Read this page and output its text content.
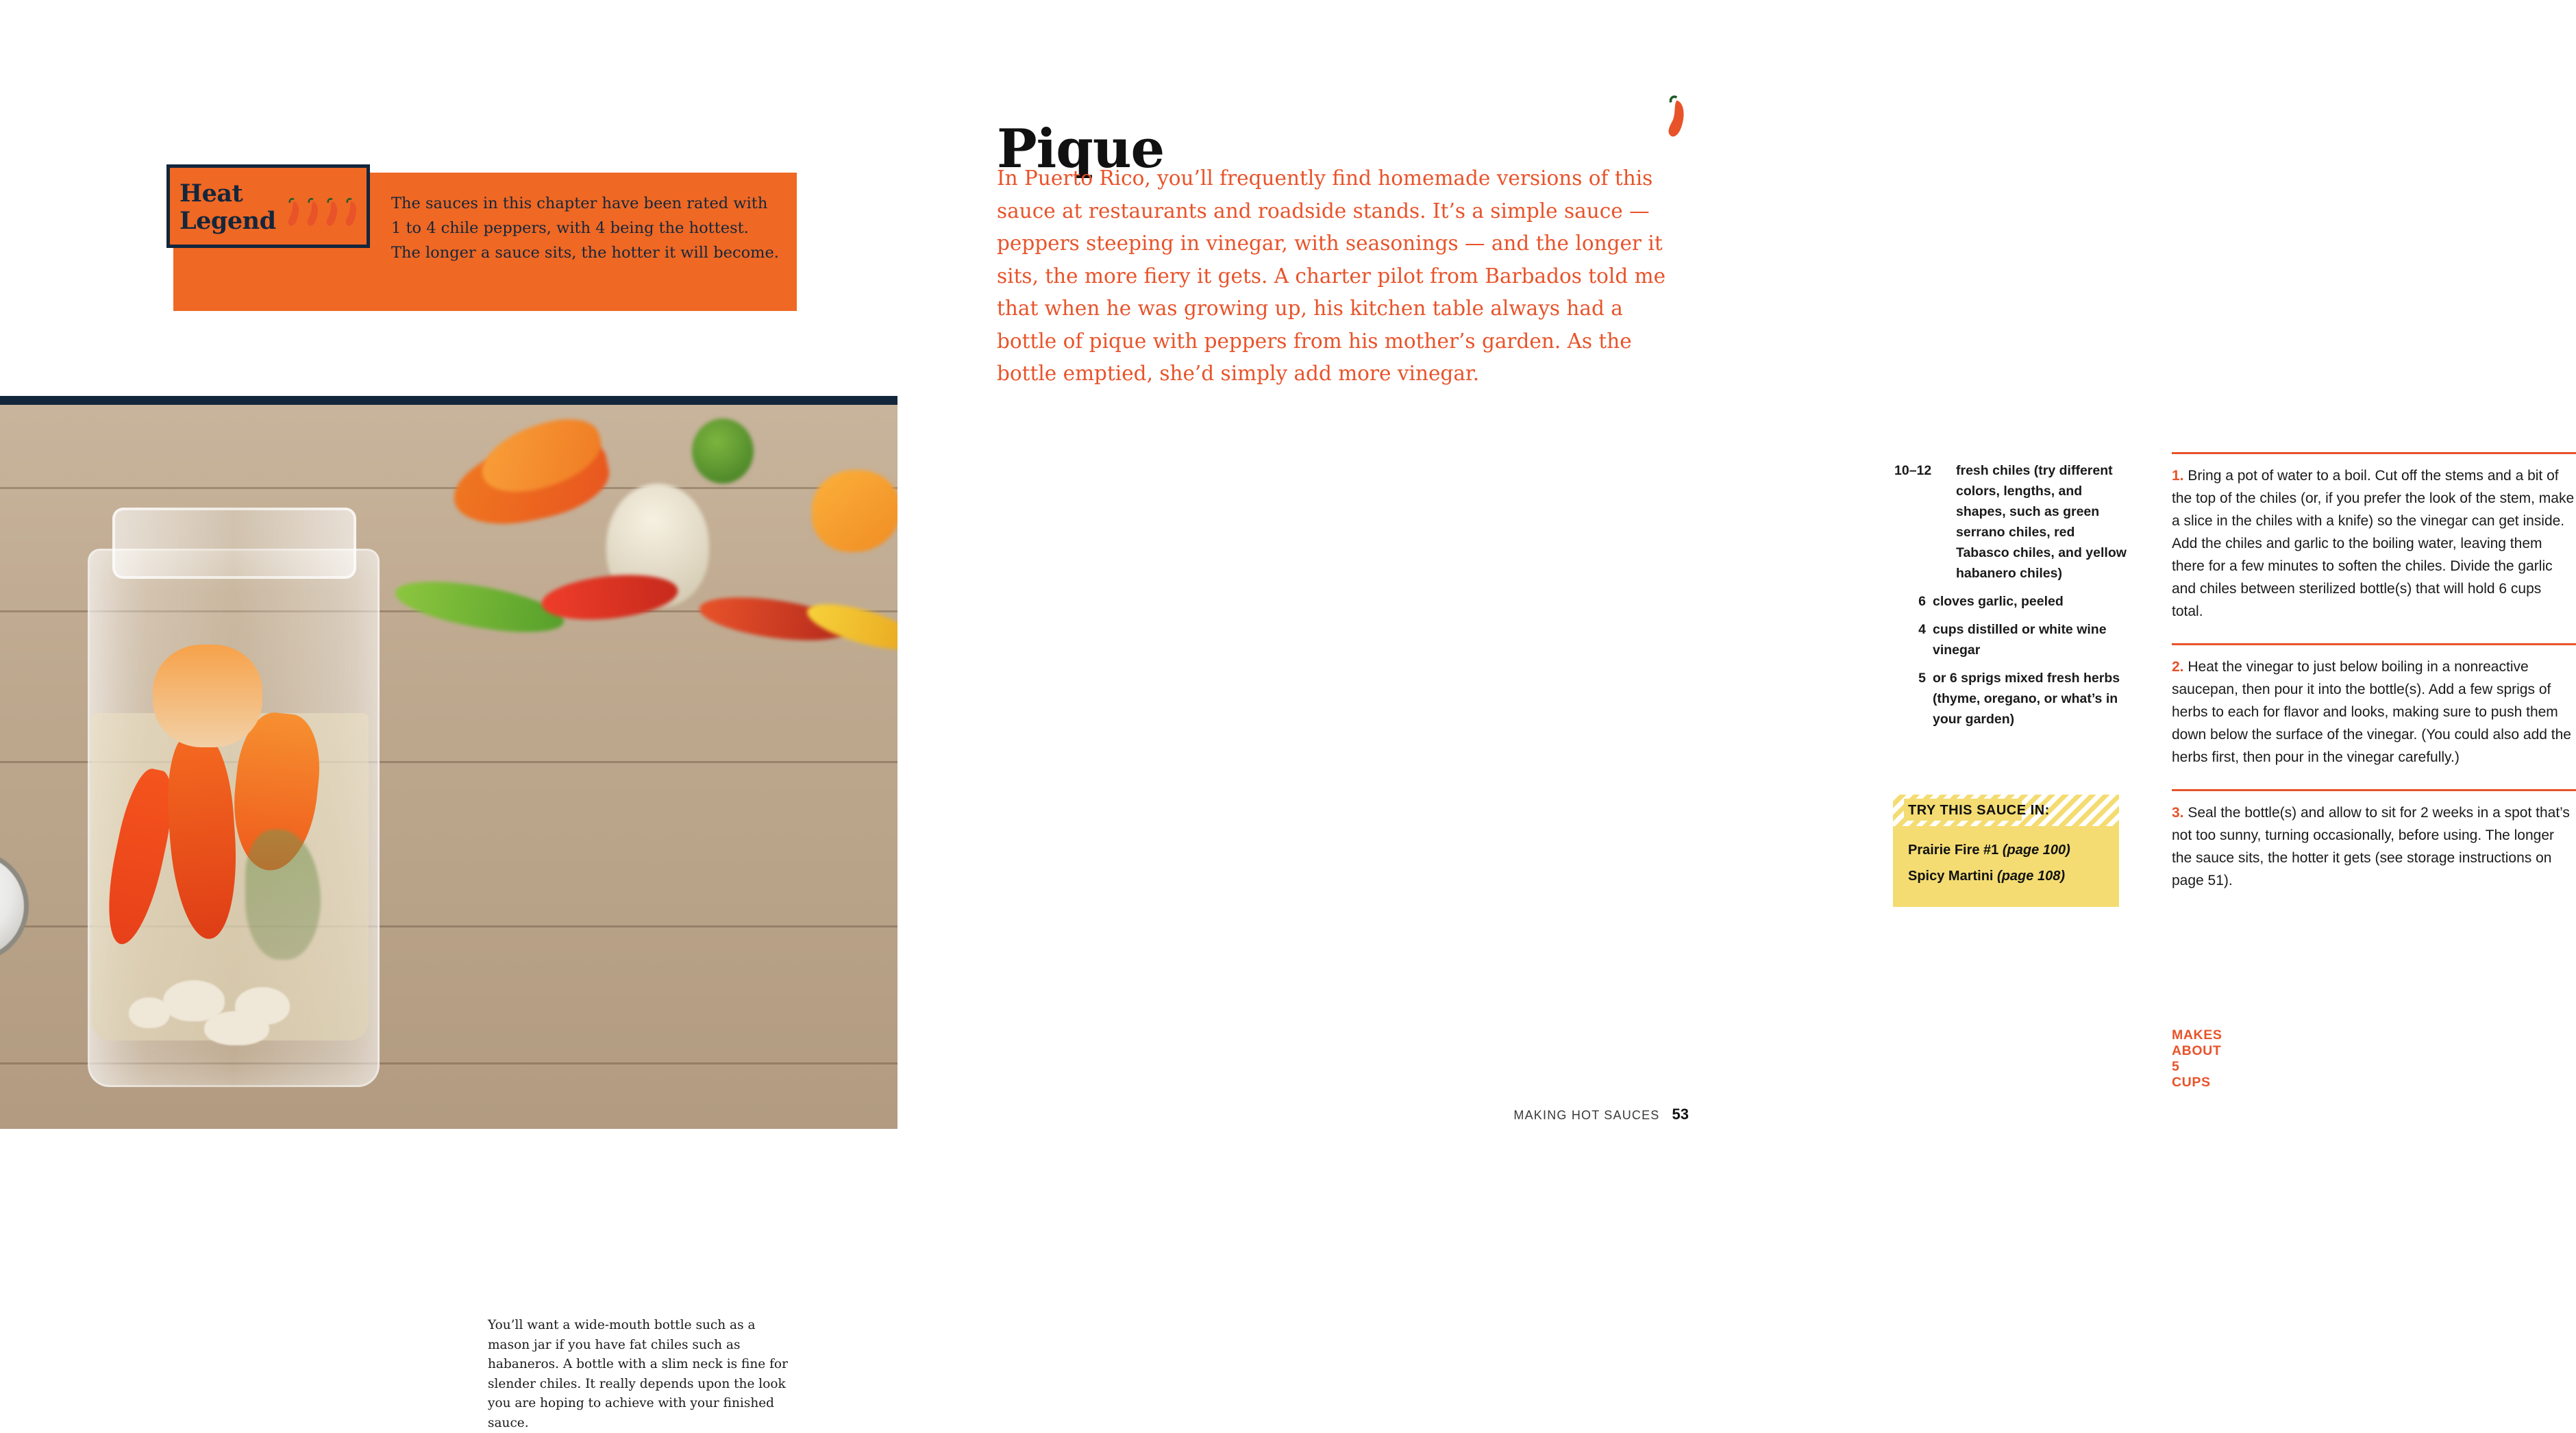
Heat
Legend
The sauces in this chapter have been rated with 1 to 4 chile peppers, with 4 being the hottest. The longer a sauce sits, the hotter it will become.
You’ll want a wide-mouth bottle such as a mason jar if you have fat chiles such as habaneros. A bottle with a slim neck is fine for slender chiles. It really depends upon the look you are hoping to achieve with your finished sauce.
Pique
In Puerto Rico, you’ll frequently find homemade versions of this sauce at restaurants and roadside stands. It’s a simple sauce — peppers steeping in vinegar, with seasonings — and the longer it sits, the more fiery it gets. A charter pilot from Barbados told me that when he was growing up, his kitchen table always had a bottle of pique with peppers from his mother’s garden. As the bottle emptied, she’d simply add more vinegar.
10–12	fresh chiles (try different colors, lengths, and shapes, such as green serrano chiles, red Tabasco chiles, and yellow habanero chiles)
6 cloves garlic, peeled
4 cups distilled or white wine vinegar
5 or 6 sprigs mixed fresh herbs (thyme, oregano, or what’s in your garden)
TRY THIS SAUCE IN:
Prairie Fire #1 (page 100)
Spicy Martini (page 108)
1. Bring a pot of water to a boil. Cut off the stems and a bit of the top of the chiles (or, if you prefer the look of the stem, make a slice in the chiles with a knife) so the vinegar can get inside. Add the chiles and garlic to the boiling water, leaving them there for a few minutes to soften the chiles. Divide the garlic and chiles between sterilized bottle(s) that will hold 6 cups total.
2. Heat the vinegar to just below boiling in a nonreactive saucepan, then pour it into the bottle(s). Add a few sprigs of herbs to each for flavor and looks, making sure to push them down below the surface of the vinegar. (You could also add the herbs first, then pour in the vinegar carefully.)
3. Seal the bottle(s) and allow to sit for 2 weeks in a spot that’s not too sunny, turning occasionally, before using. The longer the sauce sits, the hotter it gets (see storage instructions on page 51).
MAKES ABOUT 5 CUPS
MAKING HOT SAUCES 53
